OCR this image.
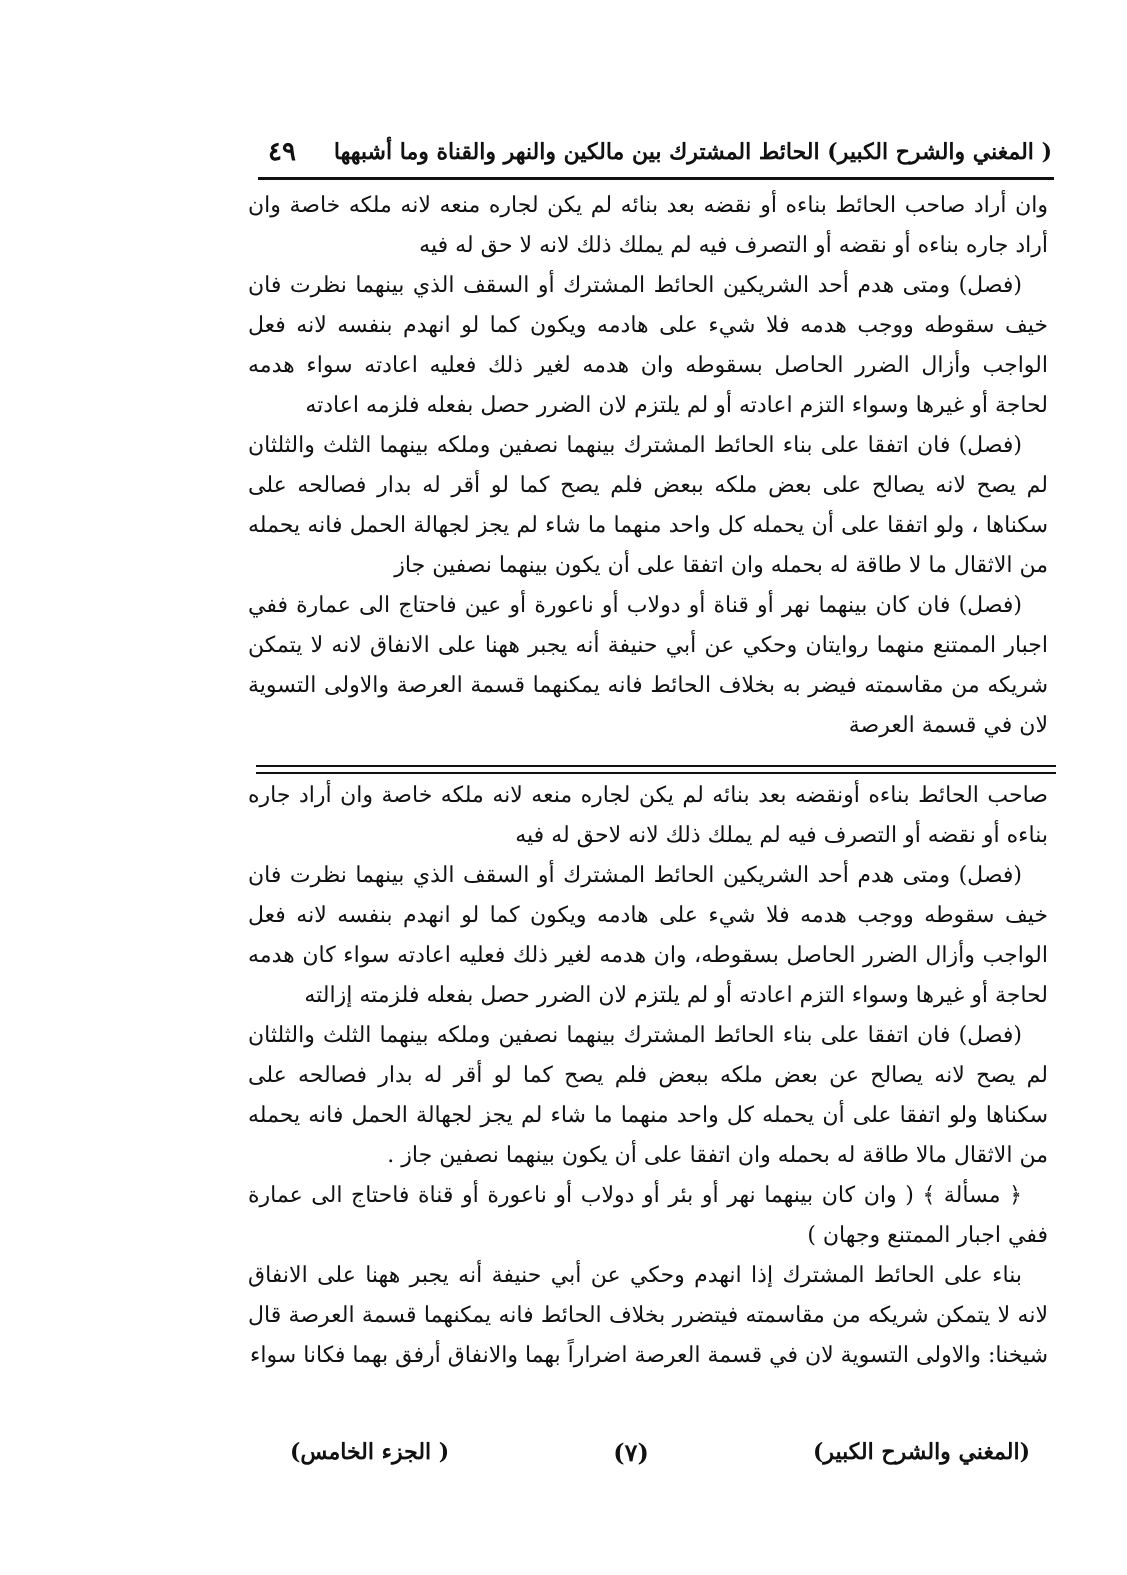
( المغني والشرح الكبير) الحائط المشترك بين مالكين والنهر والقناة وما أشبهها
٤٩

وان أراد صاحب الحائط بناءه أو نقضه بعد بنائه لم يكن لجاره منعه لانه ملكه خاصة وان أراد جاره بناءه أو نقضه أو التصرف فيه لم يملك ذلك لانه لا حق له فيه

(فصل) ومتى هدم أحد الشريكين الحائط المشترك أو السقف الذي بينهما نظرت فان خيف سقوطه ووجب هدمه فلا شيء على هادمه ويكون كما لو انهدم بنفسه لانه فعل الواجب وأزال الضرر الحاصل بسقوطه وان هدمه لغير ذلك فعليه اعادته سواء هدمه لحاجة أو غيرها وسواء التزم اعادته أو لم يلتزم لان الضرر حصل بفعله فلزمه اعادته

(فصل) فان اتفقا على بناء الحائط المشترك بينهما نصفين وملكه بينهما الثلث والثلثان لم يصح لانه يصالح على بعض ملكه ببعض فلم يصح كما لو أقر له بدار فصالحه على سكناها ، ولو اتفقا على أن يحمله كل واحد منهما ما شاء لم يجز لجهالة الحمل فانه يحمله من الاثقال ما لا طاقة له بحمله وان اتفقا على أن يكون بينهما نصفين جاز

(فصل) فان كان بينهما نهر أو قناة أو دولاب أو ناعورة أو عين فاحتاج الى عمارة ففي اجبار الممتنع منهما روايتان وحكي عن أبي حنيفة أنه يجبر ههنا على الانفاق لانه لا يتمكن شريكه من مقاسمته فيضر به بخلاف الحائط فانه يمكنهما قسمة العرصة والاولى التسوية لان في قسمة العرصة

صاحب الحائط بناءه أونقضه بعد بنائه لم يكن لجاره منعه لانه ملكه خاصة وان أراد جاره بناءه أو نقضه أو التصرف فيه لم يملك ذلك لانه لاحق له فيه

(فصل) ومتى هدم أحد الشريكين الحائط المشترك أو السقف الذي بينهما نظرت فان خيف سقوطه ووجب هدمه فلا شيء على هادمه ويكون كما لو انهدم بنفسه لانه فعل الواجب وأزال الضرر الحاصل بسقوطه، وان هدمه لغير ذلك فعليه اعادته سواء كان هدمه لحاجة أو غيرها وسواء التزم اعادته أو لم يلتزم لان الضرر حصل بفعله فلزمته إزالته

(فصل) فان اتفقا على بناء الحائط المشترك بينهما نصفين وملكه بينهما الثلث والثلثان لم يصح لانه يصالح عن بعض ملكه ببعض فلم يصح كما لو أقر له بدار فصالحه على سكناها ولو اتفقا على أن يحمله كل واحد منهما ما شاء لم يجز لجهالة الحمل فانه يحمله من الاثقال مالا طاقة له بحمله وان اتفقا على أن يكون بينهما نصفين جاز .

﴿ مسألة ﴾ ( وان كان بينهما نهر أو بئر أو دولاب أو ناعورة أو قناة فاحتاج الى عمارة ففي اجبار الممتنع وجهان )

بناء على الحائط المشترك إذا انهدم وحكي عن أبي حنيفة أنه يجبر ههنا على الانفاق لانه لا يتمكن شريكه من مقاسمته فيتضرر بخلاف الحائط فانه يمكنهما قسمة العرصة قال شيخنا: والاولى التسوية لان في قسمة العرصة اضراراً بهما والانفاق أرفق بهما فكانا سواء

(المغني والشرح الكبير)
(٧)
( الجزء الخامس)
